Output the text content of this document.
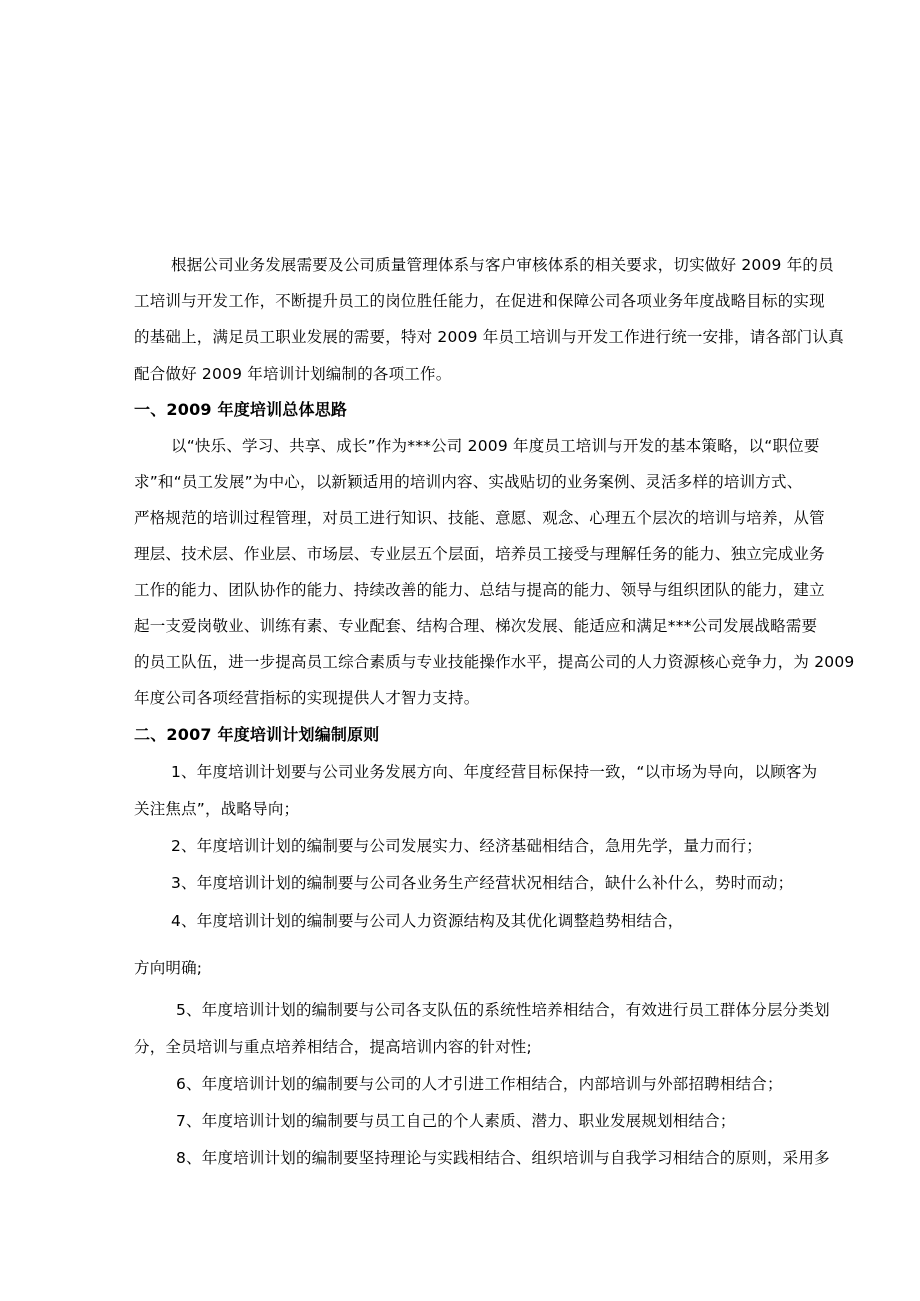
根据公司业务发展需要及公司质量管理体系与客户审核体系的相关要求，切实做好 2009 年的员
工培训与开发工作，不断提升员工的岗位胜任能力，在促进和保障公司各项业务年度战略目标的实现
的基础上，满足员工职业发展的需要，特对 2009 年员工培训与开发工作进行统一安排，请各部门认真
配合做好 2009 年培训计划编制的各项工作。
一、2009 年度培训总体思路
以“快乐、学习、共享、成长”作为***公司 2009 年度员工培训与开发的基本策略，以“职位要
求”和“员工发展”为中心，以新颖适用的培训内容、实战贴切的业务案例、灵活多样的培训方式、
严格规范的培训过程管理，对员工进行知识、技能、意愿、观念、心理五个层次的培训与培养，从管
理层、技术层、作业层、市场层、专业层五个层面，培养员工接受与理解任务的能力、独立完成业务
工作的能力、团队协作的能力、持续改善的能力、总结与提高的能力、领导与组织团队的能力，建立
起一支爱岗敬业、训练有素、专业配套、结构合理、梯次发展、能适应和满足***公司发展战略需要
的员工队伍，进一步提高员工综合素质与专业技能操作水平，提高公司的人力资源核心竞争力，为 2009
年度公司各项经营指标的实现提供人才智力支持。
二、2007 年度培训计划编制原则
1、年度培训计划要与公司业务发展方向、年度经营目标保持一致，“以市场为导向，以顾客为
关注焦点”，战略导向；
2、年度培训计划的编制要与公司发展实力、经济基础相结合，急用先学，量力而行；
3、年度培训计划的编制要与公司各业务生产经营状况相结合，缺什么补什么，势时而动；
4、年度培训计划的编制要与公司人力资源结构及其优化调整趋势相结合，
方向明确;
5、年度培训计划的编制要与公司各支队伍的系统性培养相结合，有效进行员工群体分层分类划
分，全员培训与重点培养相结合，提高培训内容的针对性;
6、年度培训计划的编制要与公司的人才引进工作相结合，内部培训与外部招聘相结合；
7、年度培训计划的编制要与员工自己的个人素质、潜力、职业发展规划相结合；
8、年度培训计划的编制要坚持理论与实践相结合、组织培训与自我学习相结合的原则，采用多
